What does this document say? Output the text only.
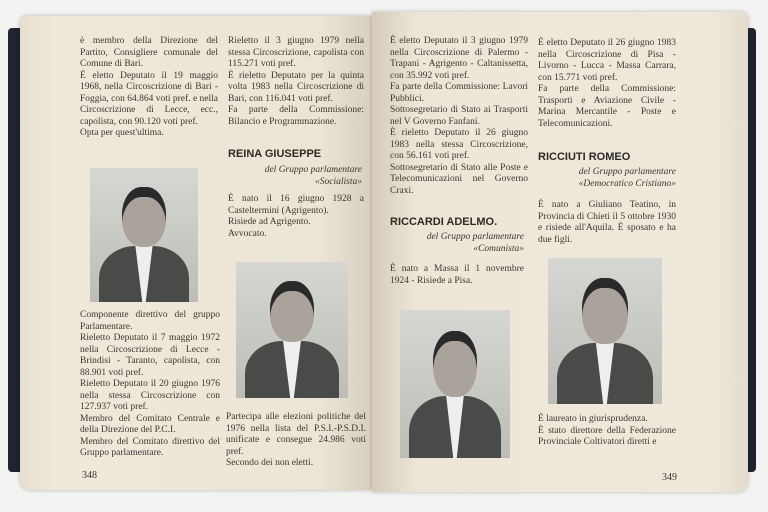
è membro della Direzione del Partito, Consigliere comunale del Comune di Bari.

È eletto Deputato il 19 maggio 1968, nella Circoscrizione di Bari - Foggia, con 64.864 voti pref. e nella Circoscrizione di Lecce, ecc., capolista, con 90.120 voti pref.

Opta per quest'ultima.

Componente direttivo del gruppo Parlamentare.

Rieletto Deputato il 7 maggio 1972 nella Circoscrizione di Lecce - Brindisi - Taranto, capolista, con 88.901 voti pref.

Rieletto Deputato il 20 giugno 1976 nella stessa Circoscrizione con 127.937 voti pref.

Membro del Comitato Centrale e della Direzione del P.C.I.

Membro del Comitato direttivo del Gruppo parlamentare.

348

Rieletto il 3 giugno 1979 nella stessa Circoscrizione, capolista con 115.271 voti pref.

È rieletto Deputato per la quinta volta 1983 nella Circoscrizione di Bari, con 116.041 voti pref.

Fa parte della Commissione: Bilancio e Programmazione.

REINA GIUSEPPE
del Gruppo parlamentare
«Socialista»

È nato il 16 giugno 1928 a Casteltermini (Agrigento).

Risiede ad Agrigento.

Avvocato.

Partecipa alle elezioni politiche del 1976 nella lista del P.S.I.-P.S.D.I. unificate e consegue 24.986 voti pref.

Secondo dei non eletti.

È eletto Deputato il 3 giugno 1979 nella Circoscrizione di Palermo - Trapani - Agrigento - Caltanissetta, con 35.992 voti pref.

Fa parte della Commissione: Lavori Pubblici.

Sottosegretario di Stato ai Trasporti nel V Governo Fanfani.

È rieletto Deputato il 26 giugno 1983 nella stessa Circoscrizione, con 56.161 voti pref.

Sottosegretario di Stato alle Poste e Telecomunicazioni nel Governo Craxi.

RICCARDI ADELMO.
del Gruppo parlamentare
«Comunista»

È nato a Massa il 1 novembre 1924 - Risiede a Pisa.

È eletto Deputato il 26 giugno 1983 nella Circoscrizione di Pisa - Livorno - Lucca - Massa Carrara, con 15.771 voti pref.

Fa parte della Commissione: Trasporti e Aviazione Civile - Marina Mercantile - Poste e Telecomunicazioni.

RICCIUTI ROMEO
del Gruppo parlamentare
«Democratico Cristiano»

È nato a Giuliano Teatino, in Provincia di Chieti il 5 ottobre 1930 e risiede all'Aquila. È sposato e ha due figli.

È laureato in giurisprudenza.

È stato direttore della Federazione Provinciale Coltivatori diretti e

349
